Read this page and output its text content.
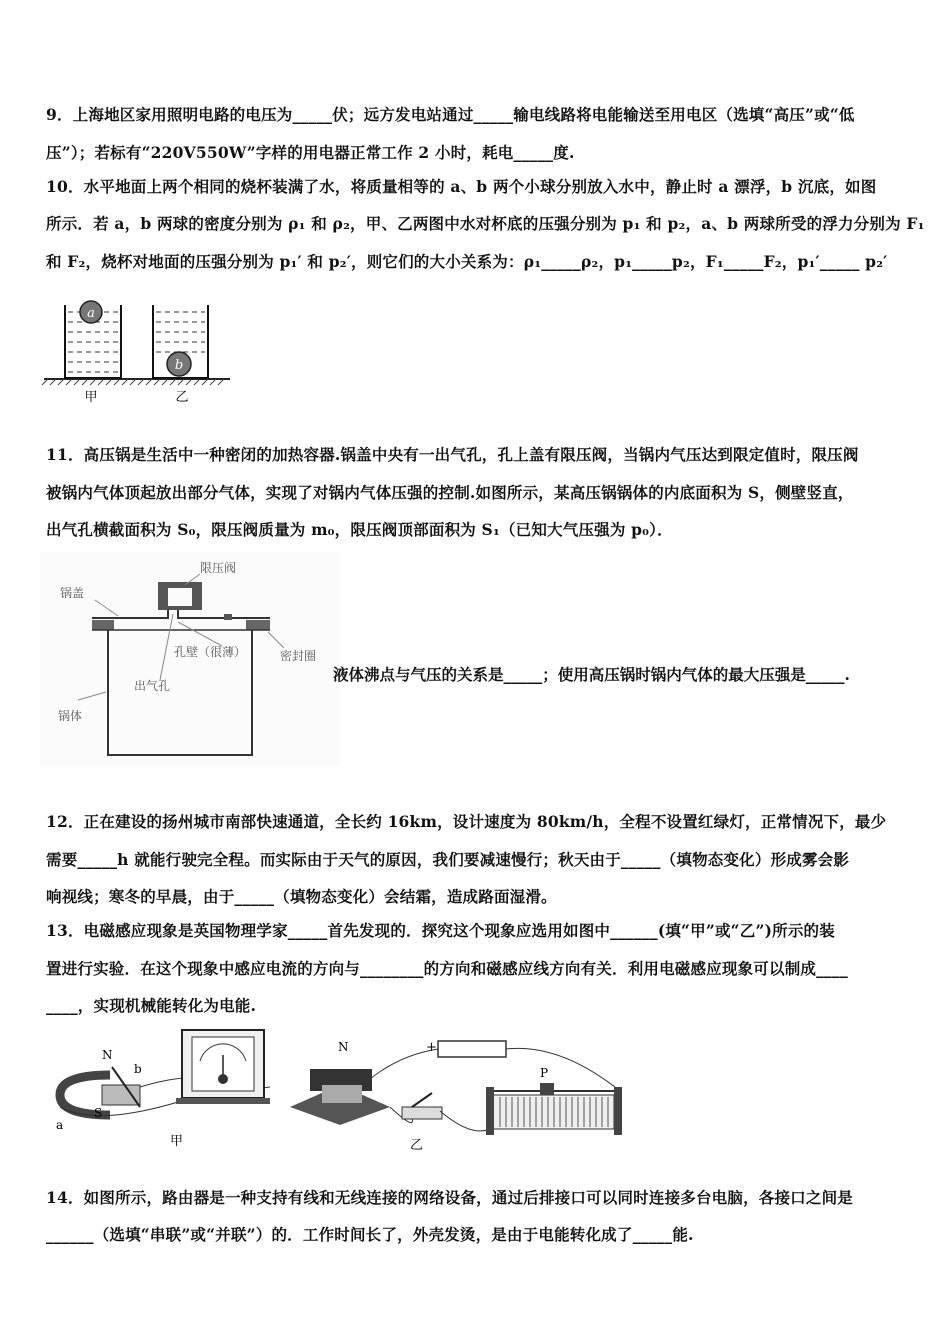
9．上海地区家用照明电路的电压为_____伏；远方发电站通过_____输电线路将电能输送至用电区（选填“高压”或“低
压”）；若标有“220V550W”字样的用电器正常工作 2 小时，耗电_____度.
10．水平地面上两个相同的烧杯装满了水，将质量相等的 a、b 两个小球分别放入水中，静止时 a 漂浮，b 沉底，如图
所示．若 a，b 两球的密度分别为 ρ₁ 和 ρ₂，甲、乙两图中水对杯底的压强分别为 p₁ 和 p₂，a、b 两球所受的浮力分别为 F₁
和 F₂，烧杯对地面的压强分别为 p₁′ 和 p₂′，则它们的大小关系为：ρ₁_____ρ₂，p₁_____p₂，F₁_____F₂，p₁′_____ p₂′
a
b
甲	乙
11．高压锅是生活中一种密闭的加热容器.锅盖中央有一出气孔，孔上盖有限压阀，当锅内气压达到限定值时，限压阀
被锅内气体顶起放出部分气体，实现了对锅内气体压强的控制.如图所示，某高压锅锅体的内底面积为 S，侧壁竖直，
出气孔横截面积为 S₀，限压阀质量为 m₀，限压阀顶部面积为 S₁（已知大气压强为 p₀）．
限压阀
锅盖
孔壁（很薄）	密封圈
出气孔
锅体
液体沸点与气压的关系是_____；使用高压锅时锅内气体的最大压强是_____.
12．正在建设的扬州城市南部快速通道，全长约 16km，设计速度为 80km/h，全程不设置红绿灯，正常情况下，最少
需要_____h 就能行驶完全程。而实际由于天气的原因，我们要减速慢行；秋天由于_____（填物态变化）形成雾会影
响视线；寒冬的早晨，由于_____（填物态变化）会结霜，造成路面湿滑。
13．电磁感应现象是英国物理学家_____首先发现的．探究这个现象应选用如图中______(填“甲”或“乙”)所示的装
置进行实验．在这个现象中感应电流的方向与________的方向和磁感应线方向有关．利用电磁感应现象可以制成____
____，实现机械能转化为电能.
N
b
a
S
甲
N	+
乙
P
14．如图所示，路由器是一种支持有线和无线连接的网络设备，通过后排接口可以同时连接多台电脑，各接口之间是
______（选填“串联”或“并联”）的．工作时间长了，外壳发烫，是由于电能转化成了_____能.
